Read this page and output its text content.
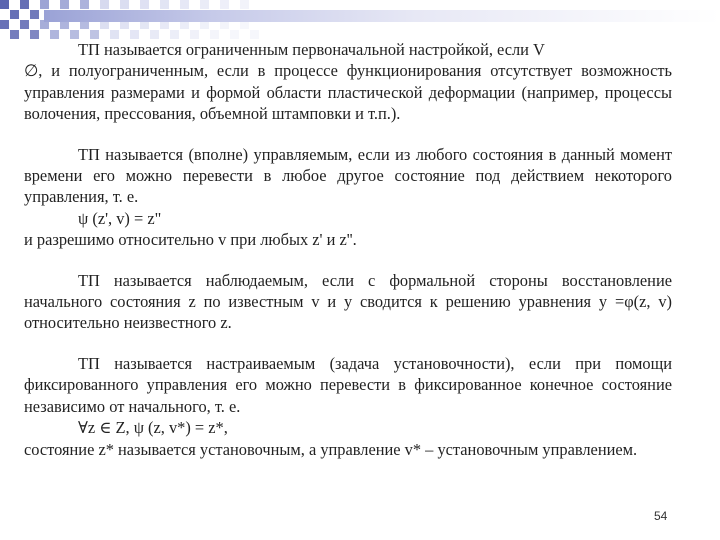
ТП называется ограниченным первоначальной настройкой, если V
∅, и полуограниченным, если в процессе функционирования отсутствует возможность управления размерами и формой области пластической деформации (например, процессы волочения, прессования, объемной штамповки и т.п.).

ТП называется (вполне) управляемым, если из любого состояния в данный момент времени его можно перевести в любое другое состояние под действием некоторого управления, т. е.

ψ (z', v) = z"

и разрешимо относительно v при любых z' и z''.

ТП называется наблюдаемым, если с формальной стороны восстановление начального состояния z по известным v и y сводится к решению уравнения y =φ(z, v) относительно неизвестного z.

ТП называется настраиваемым (задача установочности), если при помощи фиксированного управления его можно перевести в фиксированное конечное состояние независимо от начального, т. е.

∀z ∈ Z, ψ (z, v*) = z*,

состояние z* называется установочным, а управление v* – установочным управлением.

54
